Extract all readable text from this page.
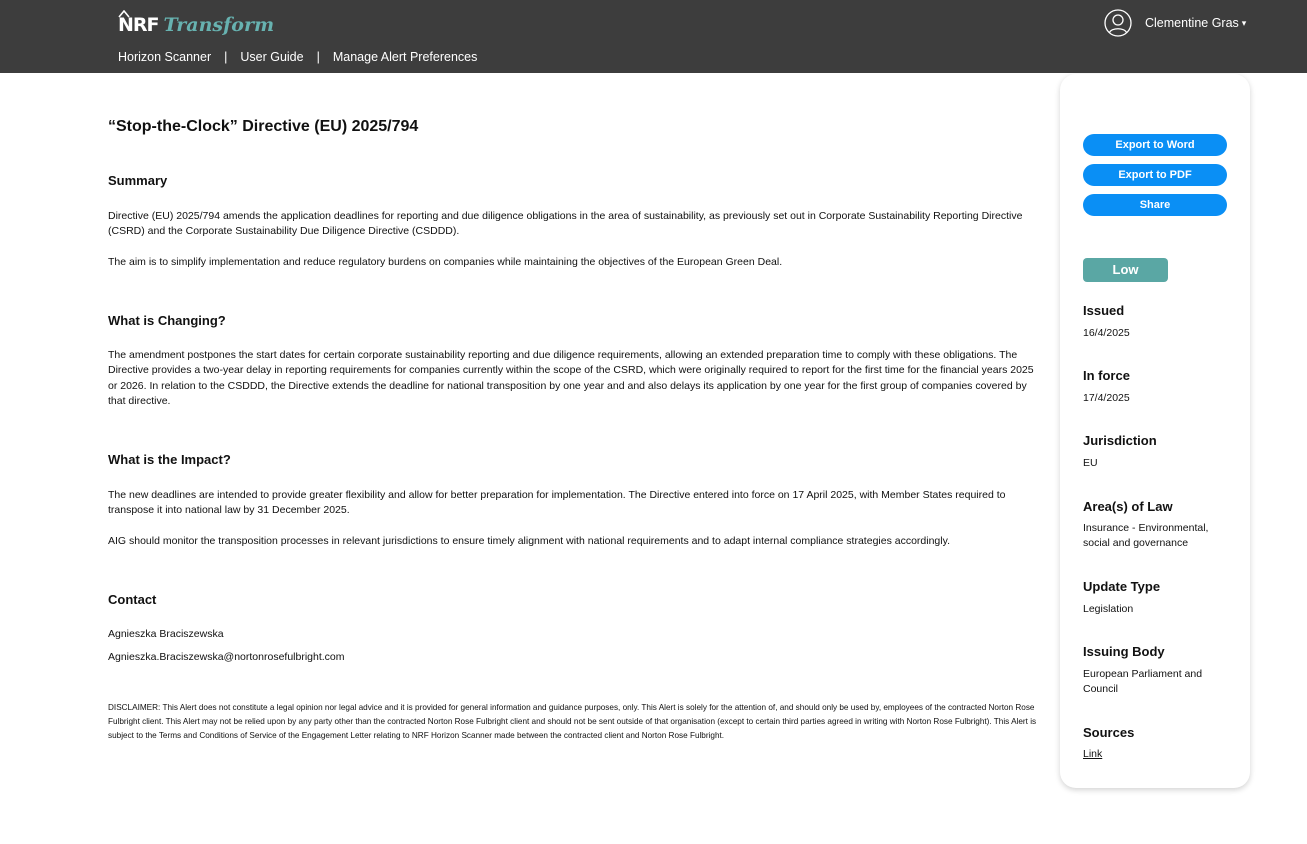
NRF Transform
Horizon Scanner | User Guide | Manage Alert Preferences
Clementine Gras ▾
“Stop-the-Clock” Directive (EU) 2025/794
Summary

Directive (EU) 2025/794 amends the application deadlines for reporting and due diligence obligations in the area of sustainability, as previously set out in Corporate Sustainability Reporting Directive (CSRD) and the Corporate Sustainability Due Diligence Directive (CSDDD).

The aim is to simplify implementation and reduce regulatory burdens on companies while maintaining the objectives of the European Green Deal.

What is Changing?

The amendment postpones the start dates for certain corporate sustainability reporting and due diligence requirements, allowing an extended preparation time to comply with these obligations. The Directive provides a two-year delay in reporting requirements for companies currently within the scope of the CSRD, which were originally required to report for the first time for the financial years 2025 or 2026. In relation to the CSDDD, the Directive extends the deadline for national transposition by one year and and also delays its application by one year for the first group of companies covered by that directive.

What is the Impact?

The new deadlines are intended to provide greater flexibility and allow for better preparation for implementation. The Directive entered into force on 17 April 2025, with Member States required to transpose it into national law by 31 December 2025.

AIG should monitor the transposition processes in relevant jurisdictions to ensure timely alignment with national requirements and to adapt internal compliance strategies accordingly.

Contact
Agnieszka Braciszewska
Agnieszka.Braciszewska@nortonrosefulbright.com

DISCLAIMER: This Alert does not constitute a legal opinion nor legal advice and it is provided for general information and guidance purposes, only. This Alert is solely for the attention of, and should only be used by, employees of the contracted Norton Rose Fulbright client. This Alert may not be relied upon by any party other than the contracted Norton Rose Fulbright client and should not be sent outside of that organisation (except to certain third parties agreed in writing with Norton Rose Fulbright). This Alert is subject to the Terms and Conditions of Service of the Engagement Letter relating to NRF Horizon Scanner made between the contracted client and Norton Rose Fulbright.

Export to Word
Export to PDF
Share
Low
Issued
16/4/2025
In force
17/4/2025
Jurisdiction
EU
Area(s) of Law
Insurance - Environmental, social and governance
Update Type
Legislation
Issuing Body
European Parliament and Council
Sources
Link
